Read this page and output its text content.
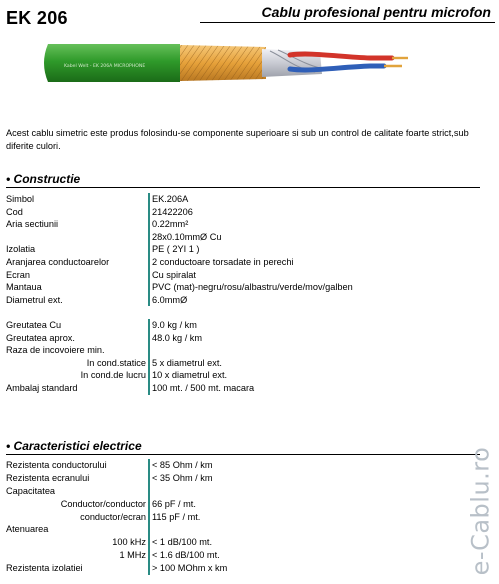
EK 206	Cablu profesional pentru microfon
Kabel Welt - EK 206A MICROPHONE
Acest cablu simetric este produs folosindu-se componente superioare si sub un control de calitate foarte strict,sub diferite culori.
• Constructie
Simbol	EK.206A
Cod	21422206
Aria sectiunii	0.22mm²
28x0.10mmØ Cu
Izolatia	PE ( 2YI 1 )
Aranjarea conductoarelor	2 conductoare torsadate in perechi
Ecran	Cu spiralat
Mantaua	PVC (mat)-negru/rosu/albastru/verde/mov/galben
Diametrul ext.	6.0mmØ
Greutatea Cu	9.0 kg / km
Greutatea aprox.	48.0 kg / km
Raza de incovoiere min.
In cond.statice 5 x diametrul ext.
In cond.de lucru 10 x diametrul ext.
Ambalaj standard	100 mt. / 500 mt. macara
• Caracteristici electrice
Rezistenta conductorului	< 85 Ohm / km
Rezistenta ecranului	< 35 Ohm / km
Capacitatea
Conductor/conductor 66 pF / mt.
conductor/ecran 115 pF / mt.
Atenuarea
100 kHz < 1 dB/100 mt.
1 MHz < 1.6 dB/100 mt.
Rezistenta izolatiei	> 100 MOhm x km	e-Cablu.ro
